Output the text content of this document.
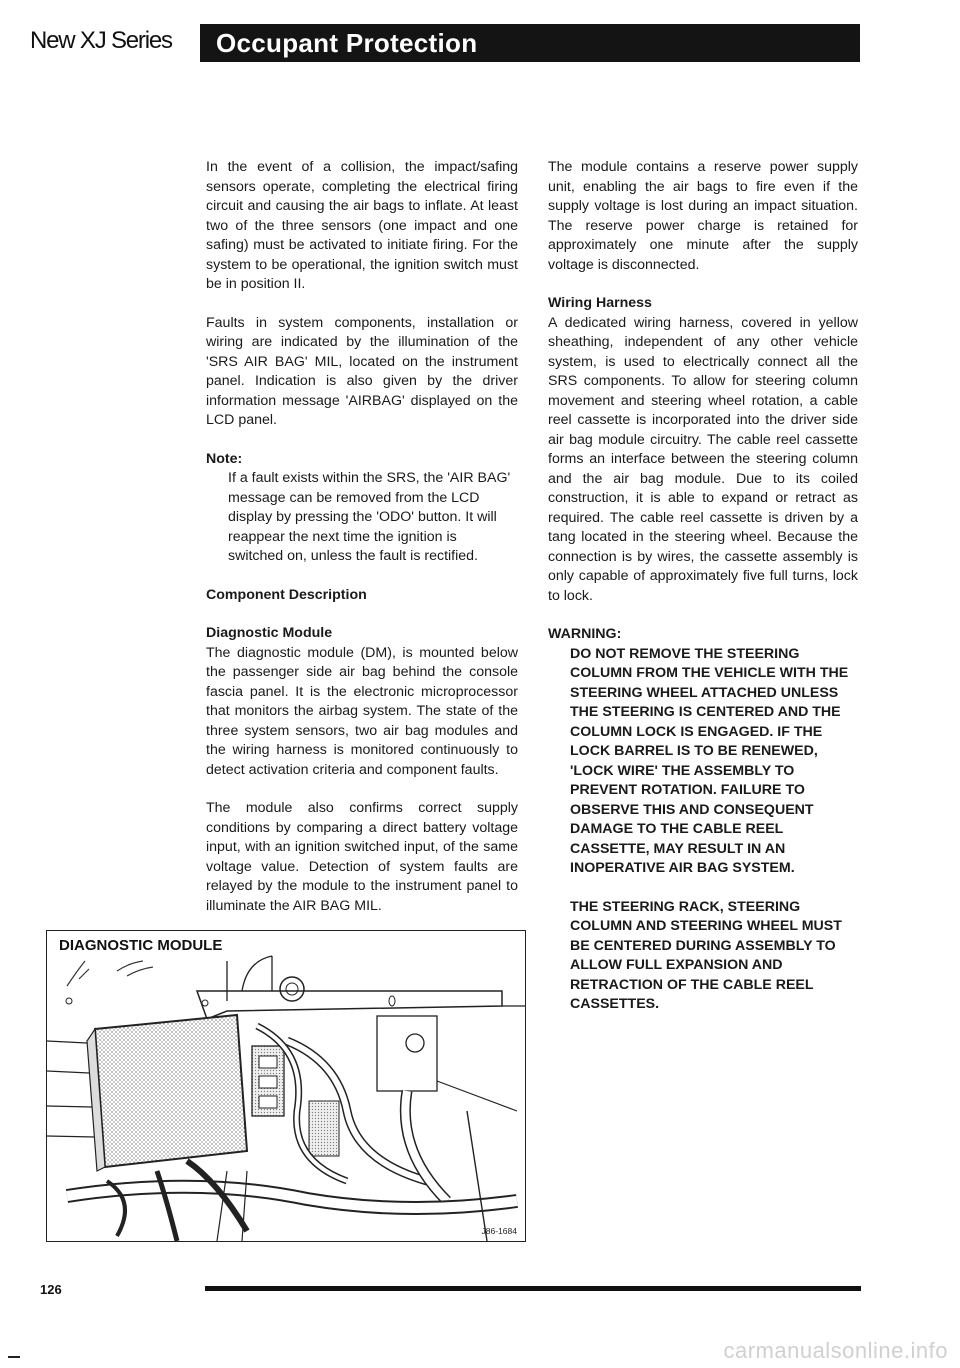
New XJ Series Occupant Protection

In the event of a collision, the impact/safing sensors operate, completing the electrical firing circuit and causing the air bags to inflate. At least two of the three sensors (one impact and one safing) must be activated to initiate firing. For the system to be operational, the ignition switch must be in position II.

Faults in system components, installation or wiring are indicated by the illumination of the 'SRS AIR BAG' MIL, located on the instrument panel. Indication is also given by the driver information message 'AIRBAG' displayed on the LCD panel.

Note:

If a fault exists within the SRS, the 'AIR BAG' message can be removed from the LCD display by pressing the 'ODO' button. It will reappear the next time the ignition is switched on, unless the fault is rectified.

Component Description

Diagnostic Module

The diagnostic module (DM), is mounted below the passenger side air bag behind the console fascia panel. It is the electronic microprocessor that monitors the airbag system. The state of the three system sensors, two air bag modules and the wiring harness is monitored continuously to detect activation criteria and component faults.

The module also confirms correct supply conditions by comparing a direct battery voltage input, with an ignition switched input, of the same voltage value. Detection of system faults are relayed by the module to the instrument panel to illuminate the AIR BAG MIL.

The module contains a reserve power supply unit, enabling the air bags to fire even if the supply voltage is lost during an impact situation. The reserve power charge is retained for approximately one minute after the supply voltage is disconnected.

Wiring Harness

A dedicated wiring harness, covered in yellow sheathing, independent of any other vehicle system, is used to electrically connect all the SRS components. To allow for steering column movement and steering wheel rotation, a cable reel cassette is incorporated into the driver side air bag module circuitry. The cable reel cassette forms an interface between the steering column and the air bag module. Due to its coiled construction, it is able to expand or retract as required. The cable reel cassette is driven by a tang located in the steering wheel. Because the connection is by wires, the cassette assembly is only capable of approximately five full turns, lock to lock.

WARNING:

DO NOT REMOVE THE STEERING COLUMN FROM THE VEHICLE WITH THE STEERING WHEEL ATTACHED UNLESS THE STEERING IS CENTERED AND THE COLUMN LOCK IS ENGAGED. IF THE LOCK BARREL IS TO BE RENEWED, 'LOCK WIRE' THE ASSEMBLY TO PREVENT ROTATION. FAILURE TO OBSERVE THIS AND CONSEQUENT DAMAGE TO THE CABLE REEL CASSETTE, MAY RESULT IN AN INOPERATIVE AIR BAG SYSTEM.

THE STEERING RACK, STEERING COLUMN AND STEERING WHEEL MUST BE CENTERED DURING ASSEMBLY TO ALLOW FULL EXPANSION AND RETRACTION OF THE CABLE REEL CASSETTES.

DIAGNOSTIC MODULE
J86-1684
126
carmanualsonline.info
